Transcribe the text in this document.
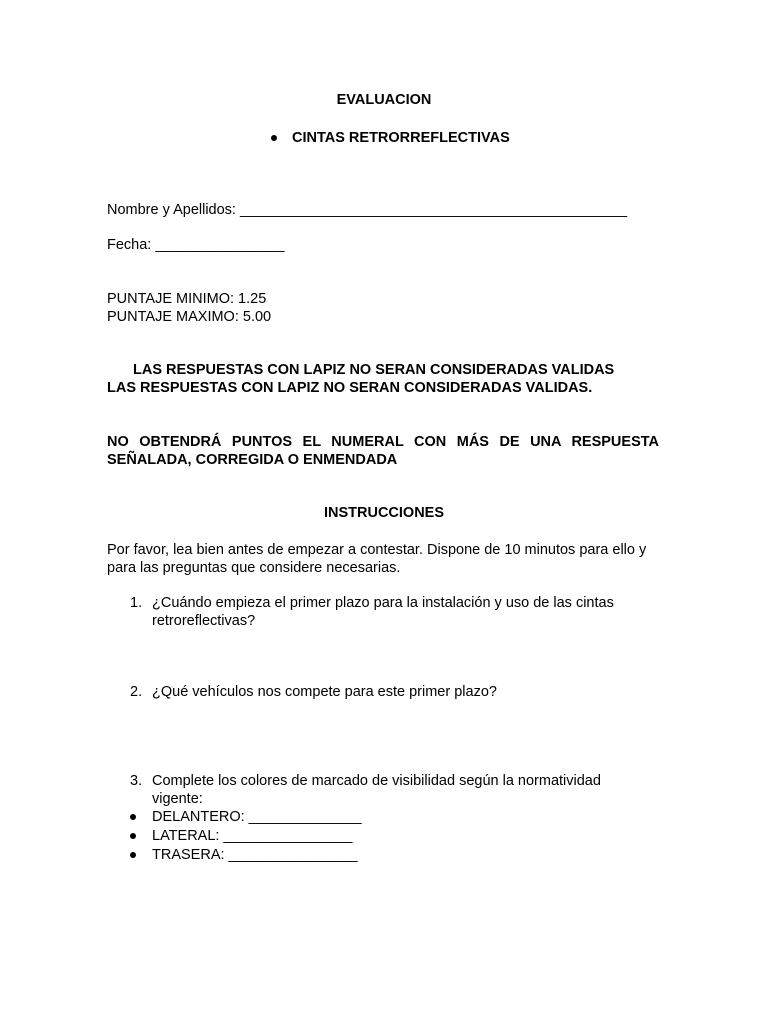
EVALUACION
CINTAS RETRORREFLECTIVAS
Nombre y Apellidos: ________________________________________________
Fecha: ________________
PUNTAJE MINIMO: 1.25
PUNTAJE MAXIMO: 5.00
LAS RESPUESTAS CON LAPIZ NO SERAN CONSIDERADAS VALIDAS
LAS RESPUESTAS CON LAPIZ NO SERAN CONSIDERADAS VALIDAS.
NO OBTENDRÁ PUNTOS EL NUMERAL CON MÁS DE UNA RESPUESTA SEÑALADA, CORREGIDA O ENMENDADA
INSTRUCCIONES
Por favor, lea bien antes de empezar a contestar. Dispone de 10 minutos para ello y para las preguntas que considere necesarias.
1. ¿Cuándo empieza el primer plazo para la instalación y uso de las cintas retroreflectivas?
2. ¿Qué vehículos nos compete para este primer plazo?
3. Complete los colores de marcado de visibilidad según la normatividad vigente:
DELANTERO: ______________
LATERAL: ________________
TRASERA: ________________
